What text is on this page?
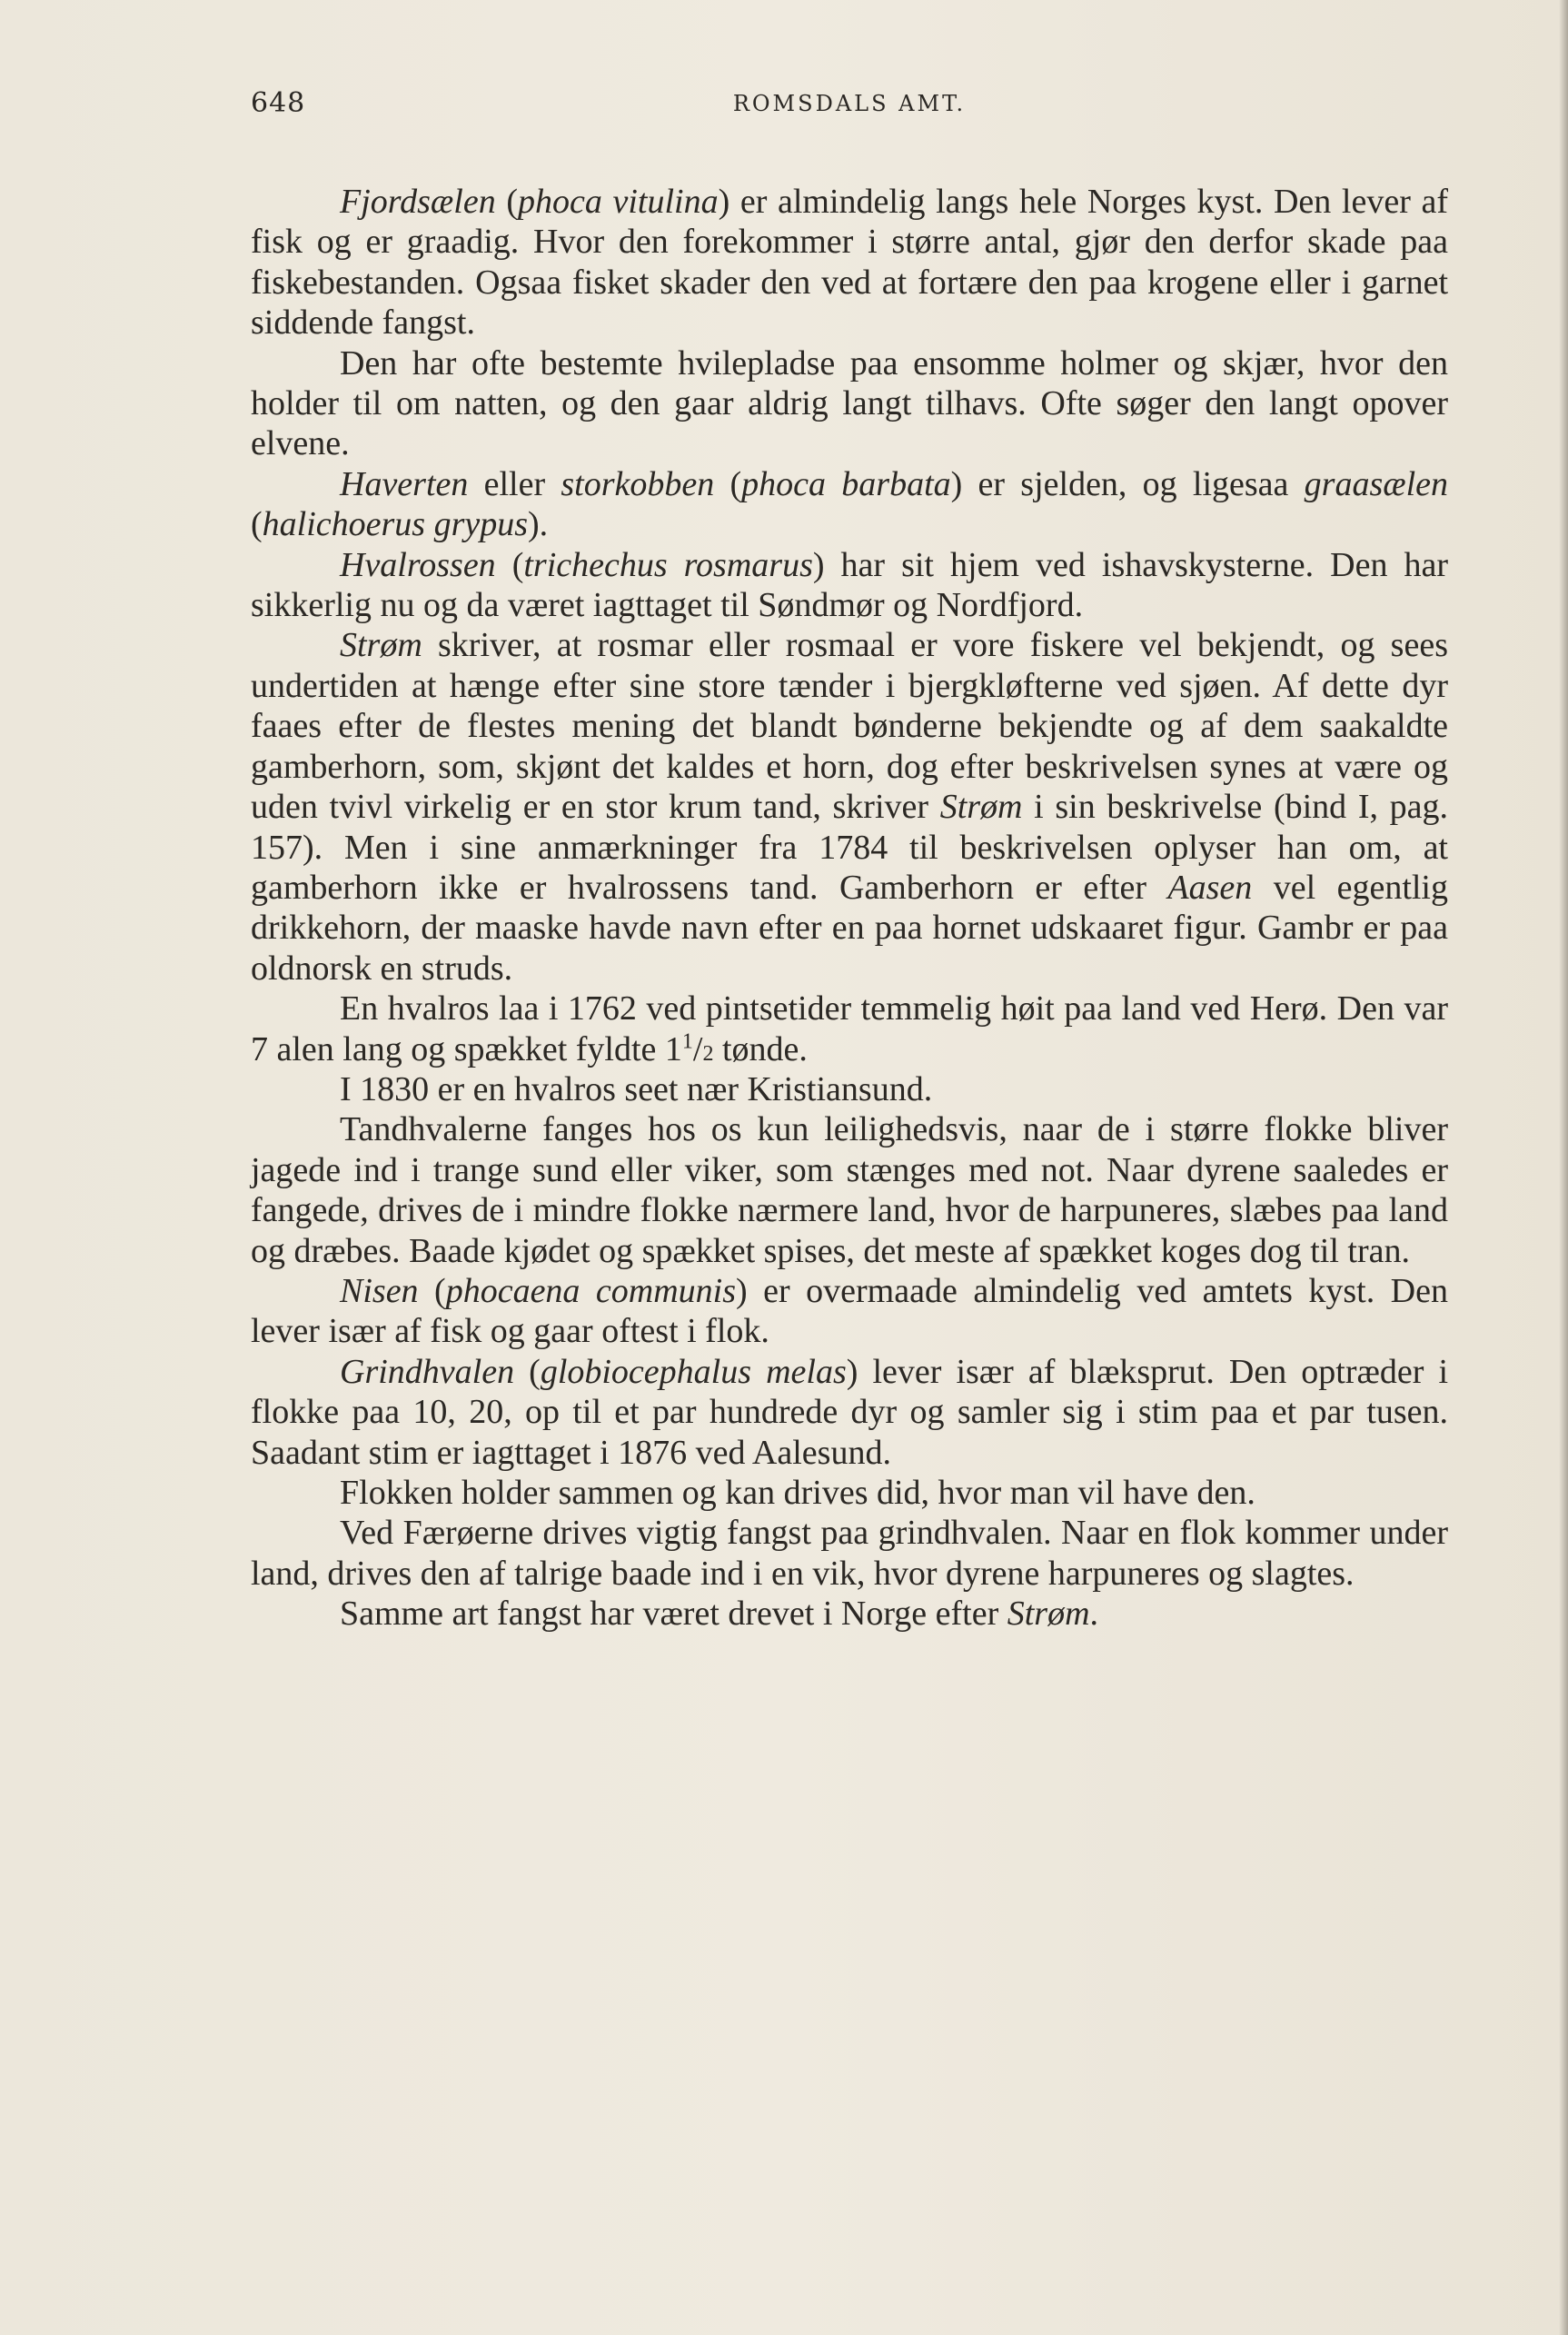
648	ROMSDALS AMT.

Fjordsælen (phoca vitulina) er almindelig langs hele Norges kyst. Den lever af fisk og er graadig. Hvor den forekommer i større antal, gjør den derfor skade paa fiskebestanden. Ogsaa fisket skader den ved at fortære den paa krogene eller i garnet siddende fangst.

Den har ofte bestemte hvilepladse paa ensomme holmer og skjær, hvor den holder til om natten, og den gaar aldrig langt tilhavs. Ofte søger den langt opover elvene.

Haverten eller storkobben (phoca barbata) er sjelden, og ligesaa graasælen (halichoerus grypus).

Hvalrossen (trichechus rosmarus) har sit hjem ved ishavskysterne. Den har sikkerlig nu og da været iagttaget til Søndmør og Nordfjord.

Strøm skriver, at rosmar eller rosmaal er vore fiskere vel bekjendt, og sees undertiden at hænge efter sine store tænder i bjergkløfterne ved sjøen. Af dette dyr faaes efter de flestes mening det blandt bønderne bekjendte og af dem saakaldte gamberhorn, som, skjønt det kaldes et horn, dog efter beskrivelsen synes at være og uden tvivl virkelig er en stor krum tand, skriver Strøm i sin beskrivelse (bind I, pag. 157). Men i sine anmærkninger fra 1784 til beskrivelsen oplyser han om, at gamberhorn ikke er hvalrossens tand. Gamberhorn er efter Aasen vel egentlig drikkehorn, der maaske havde navn efter en paa hornet udskaaret figur. Gambr er paa oldnorsk en struds.

En hvalros laa i 1762 ved pintsetider temmelig høit paa land ved Herø. Den var 7 alen lang og spækket fyldte $1^1/2$ tønde.

I 1830 er en hvalros seet nær Kristiansund.

Tandhvalerne fanges hos os kun leilighedsvis, naar de i større flokke bliver jagede ind i trange sund eller viker, som stænges med not. Naar dyrene saaledes er fangede, drives de i mindre flokke nærmere land, hvor de harpuneres, slæbes paa land og dræbes. Baade kjødet og spækket spises, det meste af spækket koges dog til tran.

Nisen (phocaena communis) er overmaade almindelig ved amtets kyst. Den lever især af fisk og gaar oftest i flok.

Grindhvalen (globiocephalus melas) lever især af blæksprut. Den optræder i flokke paa 10, 20, op til et par hundrede dyr og samler sig i stim paa et par tusen. Saadant stim er iagttaget i 1876 ved Aalesund.

Flokken holder sammen og kan drives did, hvor man vil have den.

Ved Færøerne drives vigtig fangst paa grindhvalen. Naar en flok kommer under land, drives den af talrige baade ind i en vik, hvor dyrene harpuneres og slagtes.

Samme art fangst har været drevet i Norge efter Strøm.
